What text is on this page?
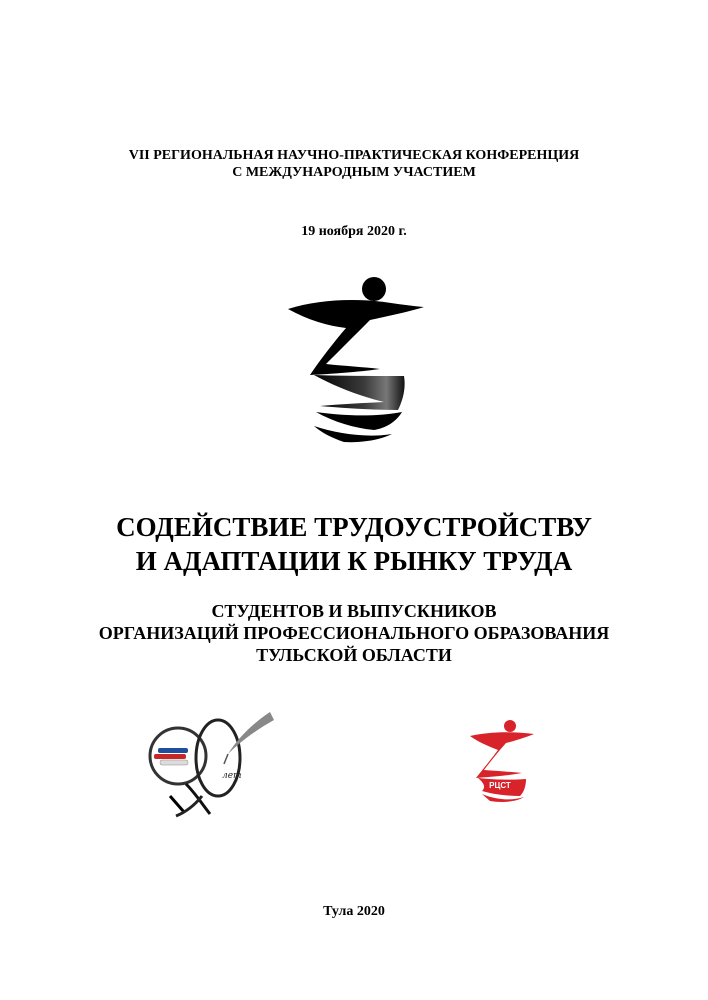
VII РЕГИОНАЛЬНАЯ НАУЧНО-ПРАКТИЧЕСКАЯ КОНФЕРЕНЦИЯ
С МЕЖДУНАРОДНЫМ УЧАСТИЕМ
19 ноября 2020 г.
СОДЕЙСТВИЕ ТРУДОУСТРОЙСТВУ
И АДАПТАЦИИ К РЫНКУ ТРУДА
СТУДЕНТОВ И ВЫПУСКНИКОВ
ОРГАНИЗАЦИЙ ПРОФЕССИОНАЛЬНОГО ОБРАЗОВАНИЯ
ТУЛЬСКОЙ ОБЛАСТИ
лет
РЦСТ
Тула 2020
